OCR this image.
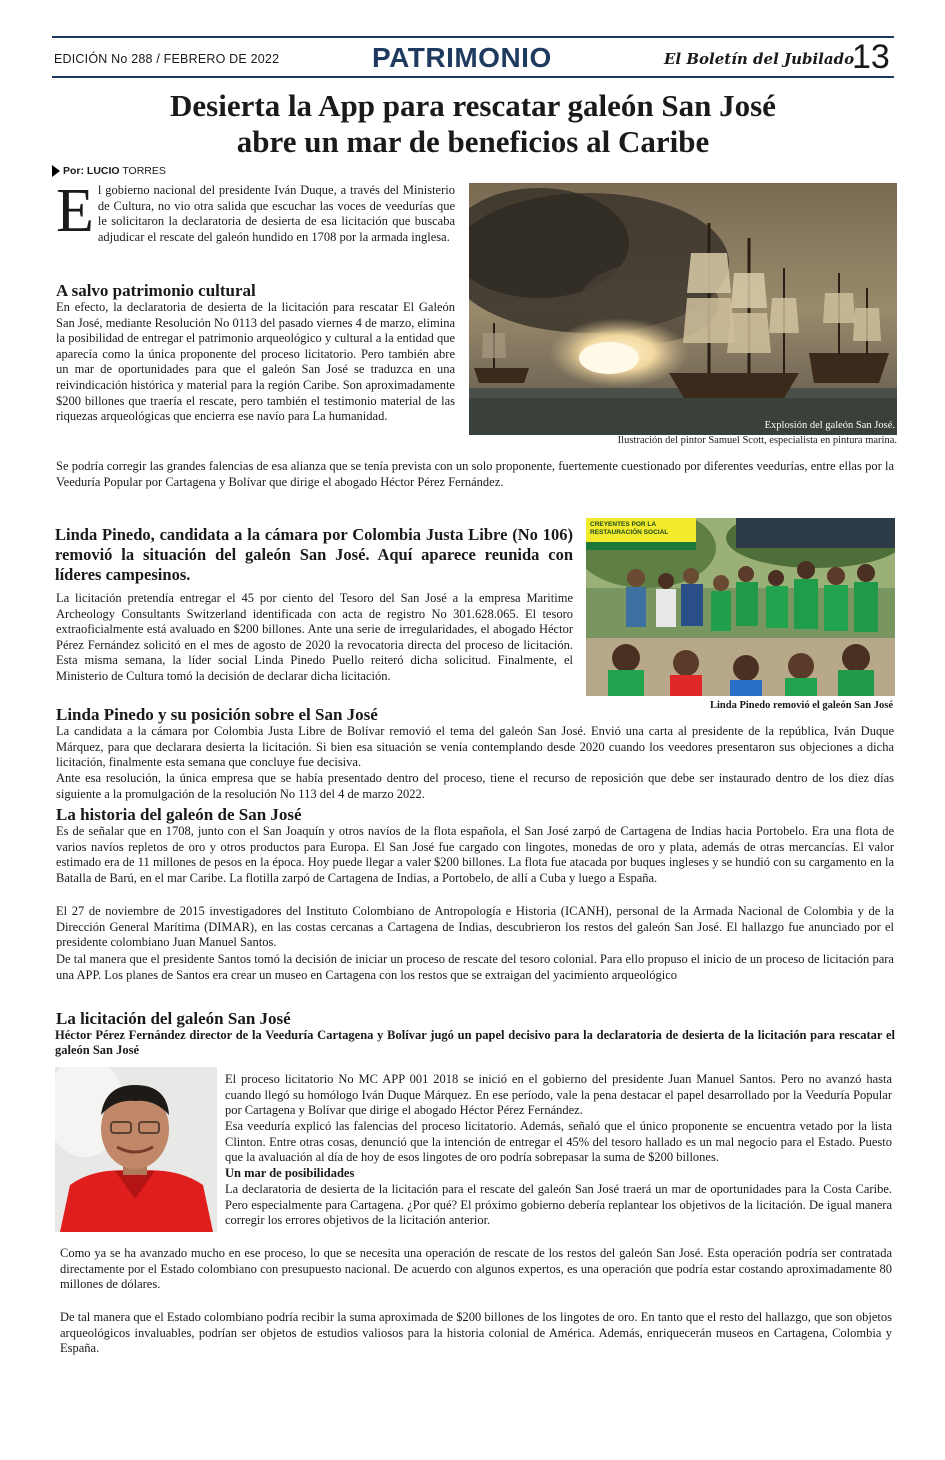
EDICIÓN No 288 / FEBRERO DE 2022	PATRIMONIO	El Boletín del Jubilado
13
Desierta la App para rescatar galeón San José
abre un mar de beneficios al Caribe
Por: LUCIO TORRES
El gobierno nacional del presidente Iván Duque, a través del Ministerio de Cultura, no vio otra salida que escuchar las voces de veedurías que le solicitaron la declaratoria de desierta de esa licitación que buscaba adjudicar el rescate del galeón hundido en 1708 por la armada inglesa.
A salvo patrimonio cultural
En efecto, la declaratoria de desierta de la licitación para rescatar El Galeón San José, mediante Resolución No 0113 del pasado viernes 4 de marzo, elimina la posibilidad de entregar el patrimonio arqueológico y cultural a la entidad que aparecía como la única proponente del proceso licitatorio. Pero también abre un mar de oportunidades para que el galeón San José se traduzca en una reivindicación histórica y material para la región Caribe. Son aproximadamente $200 billones que traería el rescate, pero también el testimonio material de las riquezas arqueológicas que encierra ese navío para La humanidad.
Explosión del galeón San José.
Ilustración del pintor Samuel Scott, especialista en pintura marina.
Se podría corregir las grandes falencias de esa alianza que se tenía prevista con un solo proponente, fuertemente cuestionado por diferentes veedurías, entre ellas por la Veeduría Popular por Cartagena y Bolívar que dirige el abogado Héctor Pérez Fernández.
Linda Pinedo, candidata a la cámara por Colombia Justa Libre (No 106) removió la situación del galeón San José. Aquí aparece reunida con líderes campesinos.
La licitación pretendía entregar el 45 por ciento del Tesoro del San José a la empresa Maritime Archeology Consultants Switzerland identificada con acta de registro No 301.628.065. El tesoro extraoficialmente está avaluado en $200 billones. Ante una serie de irregularidades, el abogado Héctor Pérez Fernández solicitó en el mes de agosto de 2020 la revocatoria directa del proceso de licitación. Esta misma semana, la líder social Linda Pinedo Puello reiteró dicha solicitud. Finalmente, el Ministerio de Cultura tomó la decisión de declarar dicha licitación.
CREYENTES POR LA RESTAURACIÓN SOCIAL
Linda Pinedo removió el galeón San José
Linda Pinedo y su posición sobre el San José
La candidata a la cámara por Colombia Justa Libre de Bolívar removió el tema del galeón San José. Envió una carta al presidente de la república, Iván Duque Márquez, para que declarara desierta la licitación. Si bien esa situación se venía contemplando desde 2020 cuando los veedores presentaron sus objeciones a dicha licitación, finalmente esta semana que concluye fue decisiva.
Ante esa resolución, la única empresa que se había presentado dentro del proceso, tiene el recurso de reposición que debe ser instaurado dentro de los diez días siguiente a la promulgación de la resolución No 113 del 4 de marzo 2022.
La historia del galeón de San José
Es de señalar que en 1708, junto con el San Joaquín y otros navíos de la flota española, el San José zarpó de Cartagena de Indias hacia Portobelo. Era una flota de varios navíos repletos de oro y otros productos para Europa. El San José fue cargado con lingotes, monedas de oro y plata, además de otras mercancías. El valor estimado era de 11 millones de pesos en la época. Hoy puede llegar a valer $200 billones. La flota fue atacada por buques ingleses y se hundió con su cargamento en la Batalla de Barú, en el mar Caribe. La flotilla zarpó de Cartagena de Indias, a Portobelo, de allí a Cuba y luego a España.
El 27 de noviembre de 2015 investigadores del Instituto Colombiano de Antropología e Historia (ICANH), personal de la Armada Nacional de Colombia y de la Dirección General Marítima (DIMAR), en las costas cercanas a Cartagena de Indias, descubrieron los restos del galeón San José. El hallazgo fue anunciado por el presidente colombiano Juan Manuel Santos.
De tal manera que el presidente Santos tomó la decisión de iniciar un proceso de rescate del tesoro colonial. Para ello propuso el inicio de un proceso de licitación para una APP. Los planes de Santos era crear un museo en Cartagena con los restos que se extraigan del yacimiento arqueológico
La licitación del galeón San José
Héctor Pérez Fernández director de la Veeduría Cartagena y Bolívar jugó un papel decisivo para la declaratoria de desierta de la licitación para rescatar el galeón San José
El proceso licitatorio No MC APP 001 2018 se inició en el gobierno del presidente Juan Manuel Santos. Pero no avanzó hasta cuando llegó su homólogo Iván Duque Márquez. En ese período, vale la pena destacar el papel desarrollado por la Veeduría Popular por Cartagena y Bolívar que dirige el abogado Héctor Pérez Fernández.
Esa veeduría explicó las falencias del proceso licitatorio. Además, señaló que el único proponente se encuentra vetado por la lista Clinton. Entre otras cosas, denunció que la intención de entregar el 45% del tesoro hallado es un mal negocio para el Estado. Puesto que la avaluación al día de hoy de esos lingotes de oro podría sobrepasar la suma de $200 billones.
Un mar de posibilidades
La declaratoria de desierta de la licitación para el rescate del galeón San José traerá un mar de oportunidades para la Costa Caribe. Pero especialmente para Cartagena. ¿Por qué? El próximo gobierno debería replantear los objetivos de la licitación. De igual manera corregir los errores objetivos de la licitación anterior.
Como ya se ha avanzado mucho en ese proceso, lo que se necesita una operación de rescate de los restos del galeón San José. Esta operación podría ser contratada directamente por el Estado colombiano con presupuesto nacional. De acuerdo con algunos expertos, es una operación que podría estar costando aproximadamente 80 millones de dólares.
De tal manera que el Estado colombiano podría recibir la suma aproximada de $200 billones de los lingotes de oro. En tanto que el resto del hallazgo, que son objetos arqueológicos invaluables, podrían ser objetos de estudios valiosos para la historia colonial de América. Además, enriquecerán museos en Cartagena, Colombia y España.
